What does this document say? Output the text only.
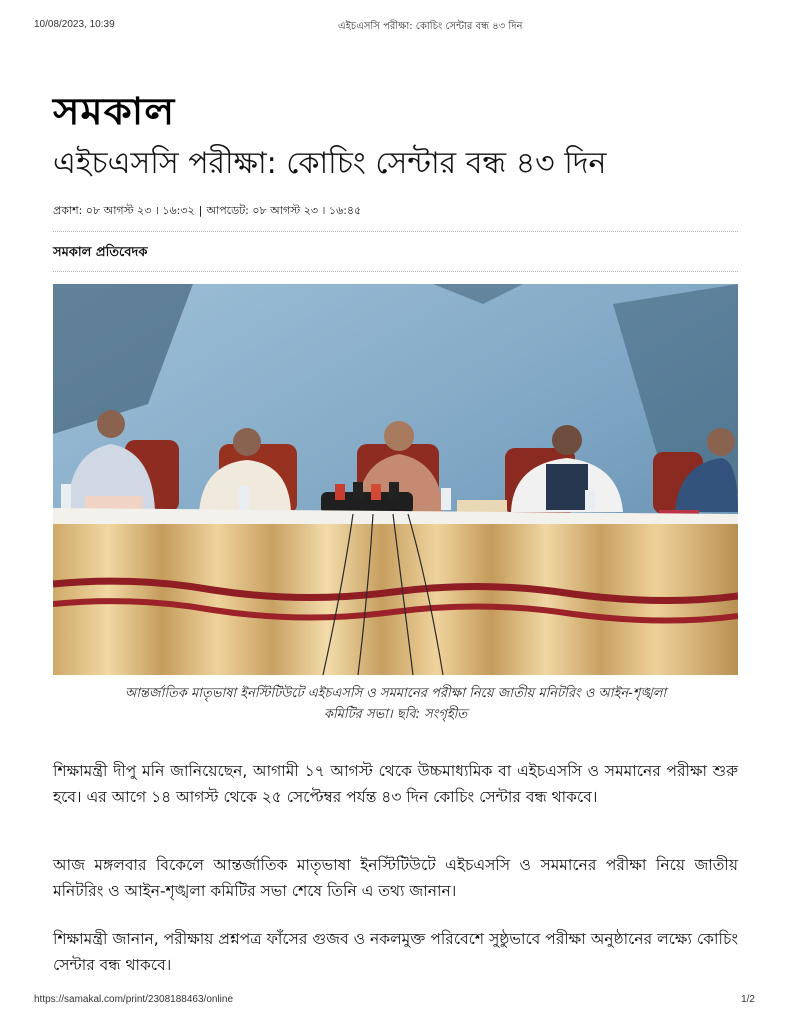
10/08/2023, 10:39	এইচএসসি পরীক্ষা: কোচিং সেন্টার বন্ধ ৪৩ দিন
সমকাল
এইচএসসি পরীক্ষা: কোচিং সেন্টার বন্ধ ৪৩ দিন
প্রকাশ: ০৮ আগস্ট ২৩ । ১৬:৩২ | আপডেট: ০৮ আগস্ট ২৩ । ১৬:৪৫
সমকাল প্রতিবেদক
আন্তর্জাতিক মাতৃভাষা ইনস্টিটিউটে এইচএসসি ও সমমানের পরীক্ষা নিয়ে জাতীয় মনিটরিং ও আইন-শৃঙ্খলা
কমিটির সভা। ছবি: সংগৃহীত

শিক্ষামন্ত্রী দীপু মনি জানিয়েছেন, আগামী ১৭ আগস্ট থেকে উচ্চমাধ্যমিক বা এইচএসসি ও সমমানের পরীক্ষা শুরু হবে। এর আগে ১৪ আগস্ট থেকে ২৫ সেপ্টেম্বর পর্যন্ত ৪৩ দিন কোচিং সেন্টার বন্ধ থাকবে।

আজ মঙ্গলবার বিকেলে আন্তর্জাতিক মাতৃভাষা ইনস্টিটিউটে এইচএসসি ও সমমানের পরীক্ষা নিয়ে জাতীয় মনিটরিং ও আইন-শৃঙ্খলা কমিটির সভা শেষে তিনি এ তথ্য জানান।

শিক্ষামন্ত্রী জানান, পরীক্ষায় প্রশ্নপত্র ফাঁসের গুজব ও নকলমুক্ত পরিবেশে সুষ্ঠুভাবে পরীক্ষা অনুষ্ঠানের লক্ষ্যে কোচিং সেন্টার বন্ধ থাকবে।

https://samakal.com/print/2308188463/online	1/2
